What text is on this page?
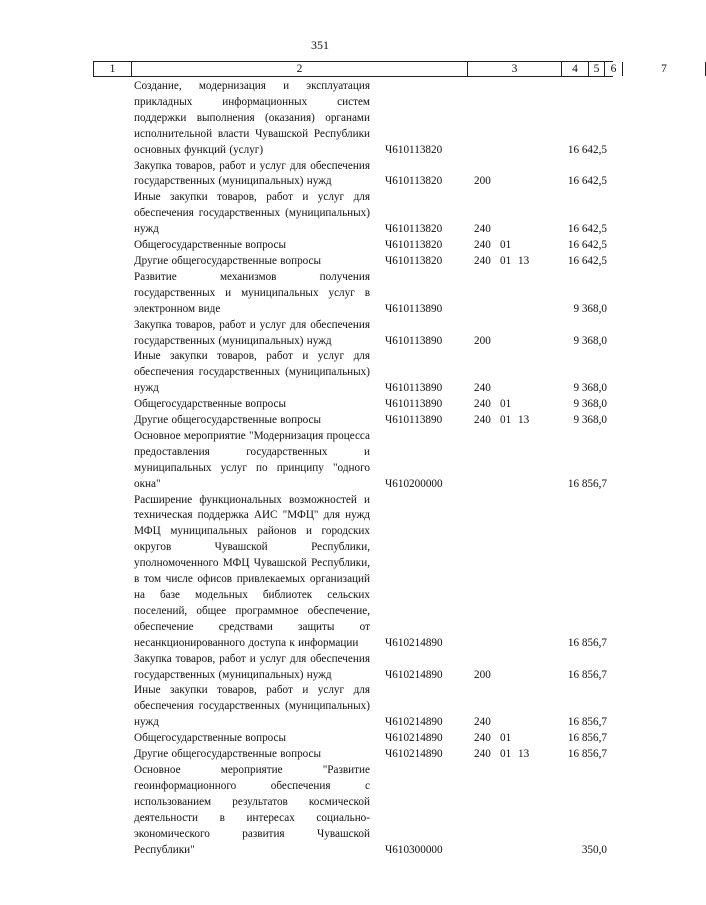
351
1	2	3	4	5 6	7
Создание, модернизация и эксплуатация прикладных информационных систем поддержки выполнения (оказания) органами исполнительной власти Чувашской Республики основных функций (услуг)	Ч610113820	16 642,5
Закупка товаров, работ и услуг для обеспечения государственных (муниципальных) нужд	Ч610113820	200	16 642,5
Иные закупки товаров, работ и услуг для обеспечения государственных (муниципальных) нужд	Ч610113820	240	16 642,5
Общегосударственные вопросы	Ч610113820	240 01	16 642,5
Другие общегосударственные вопросы	Ч610113820	240 01 13	16 642,5
Развитие механизмов получения государственных и муниципальных услуг в электронном виде	Ч610113890	9 368,0
Закупка товаров, работ и услуг для обеспечения государственных (муниципальных) нужд	Ч610113890	200	9 368,0
Иные закупки товаров, работ и услуг для обеспечения государственных (муниципальных) нужд	Ч610113890	240	9 368,0
Общегосударственные вопросы	Ч610113890	240 01	9 368,0
Другие общегосударственные вопросы	Ч610113890	240 01 13	9 368,0
Основное мероприятие "Модернизация процесса предоставления государственных и муниципальных услуг по принципу "одного окна"	Ч610200000	16 856,7
Расширение функциональных возможностей и техническая поддержка АИС "МФЦ" для нужд МФЦ муниципальных районов и городских округов Чувашской Республики, уполномоченного МФЦ Чувашской Республики, в том числе офисов привлекаемых организаций на базе модельных библиотек сельских поселений, общее программное обеспечение, обеспечение средствами защиты от несанкционированного доступа к информации	Ч610214890	16 856,7
Закупка товаров, работ и услуг для обеспечения государственных (муниципальных) нужд	Ч610214890	200	16 856,7
Иные закупки товаров, работ и услуг для обеспечения государственных (муниципальных) нужд	Ч610214890	240	16 856,7
Общегосударственные вопросы	Ч610214890	240 01	16 856,7
Другие общегосударственные вопросы	Ч610214890	240 01 13	16 856,7
Основное мероприятие "Развитие геоинформационного обеспечения с использованием результатов космической деятельности в интересах социально-экономического развития Чувашской Республики"	Ч610300000	350,0
